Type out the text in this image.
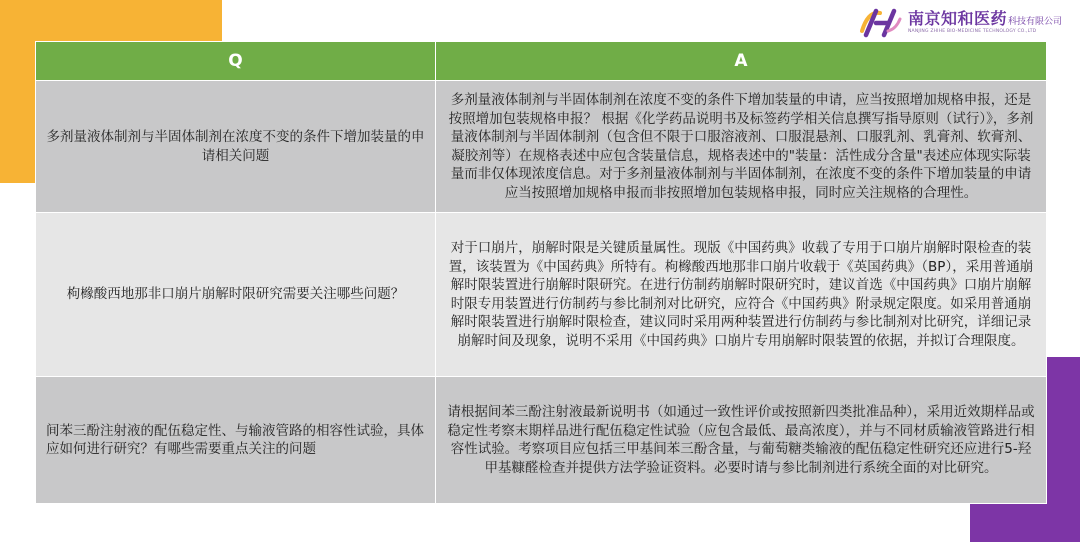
南京知和医药 科技有限公司
NANJING ZHIHE BIO-MEDICINE TECHNOLOGY CO.,LTD
Q	A
多剂量液体制剂与半固体制剂在浓度不变的条件下增加装量的申请相关问题	多剂量液体制剂与半固体制剂在浓度不变的条件下增加装量的申请，应当按照增加规格申报，还是按照增加包装规格申报？ 根据《化学药品说明书及标签药学相关信息撰写指导原则（试行）》，多剂量液体制剂与半固体制剂（包含但不限于口服溶液剂、口服混悬剂、口服乳剂、乳膏剂、软膏剂、凝胶剂等）在规格表述中应包含装量信息，规格表述中的"装量：活性成分含量"表述应体现实际装量而非仅体现浓度信息。对于多剂量液体制剂与半固体制剂，在浓度不变的条件下增加装量的申请应当按照增加规格申报而非按照增加包装规格申报，同时应关注规格的合理性。
枸橼酸西地那非口崩片崩解时限研究需要关注哪些问题？	对于口崩片，崩解时限是关键质量属性。现版《中国药典》收载了专用于口崩片崩解时限检查的装置，该装置为《中国药典》所特有。枸橼酸西地那非口崩片收载于《英国药典》（BP），采用普通崩解时限装置进行崩解时限研究。在进行仿制药崩解时限研究时，建议首选《中国药典》口崩片崩解时限专用装置进行仿制药与参比制剂对比研究，应符合《中国药典》附录规定限度。如采用普通崩解时限装置进行崩解时限检查，建议同时采用两种装置进行仿制药与参比制剂对比研究，详细记录崩解时间及现象，说明不采用《中国药典》口崩片专用崩解时限装置的依据，并拟订合理限度。
间苯三酚注射液的配伍稳定性、与输液管路的相容性试验，具体应如何进行研究？有哪些需要重点关注的问题	请根据间苯三酚注射液最新说明书（如通过一致性评价或按照新四类批准品种），采用近效期样品或稳定性考察末期样品进行配伍稳定性试验（应包含最低、最高浓度），并与不同材质输液管路进行相容性试验。考察项目应包括三甲基间苯三酚含量，与葡萄糖类输液的配伍稳定性研究还应进行5-羟甲基糠醛检查并提供方法学验证资料。必要时请与参比制剂进行系统全面的对比研究。
